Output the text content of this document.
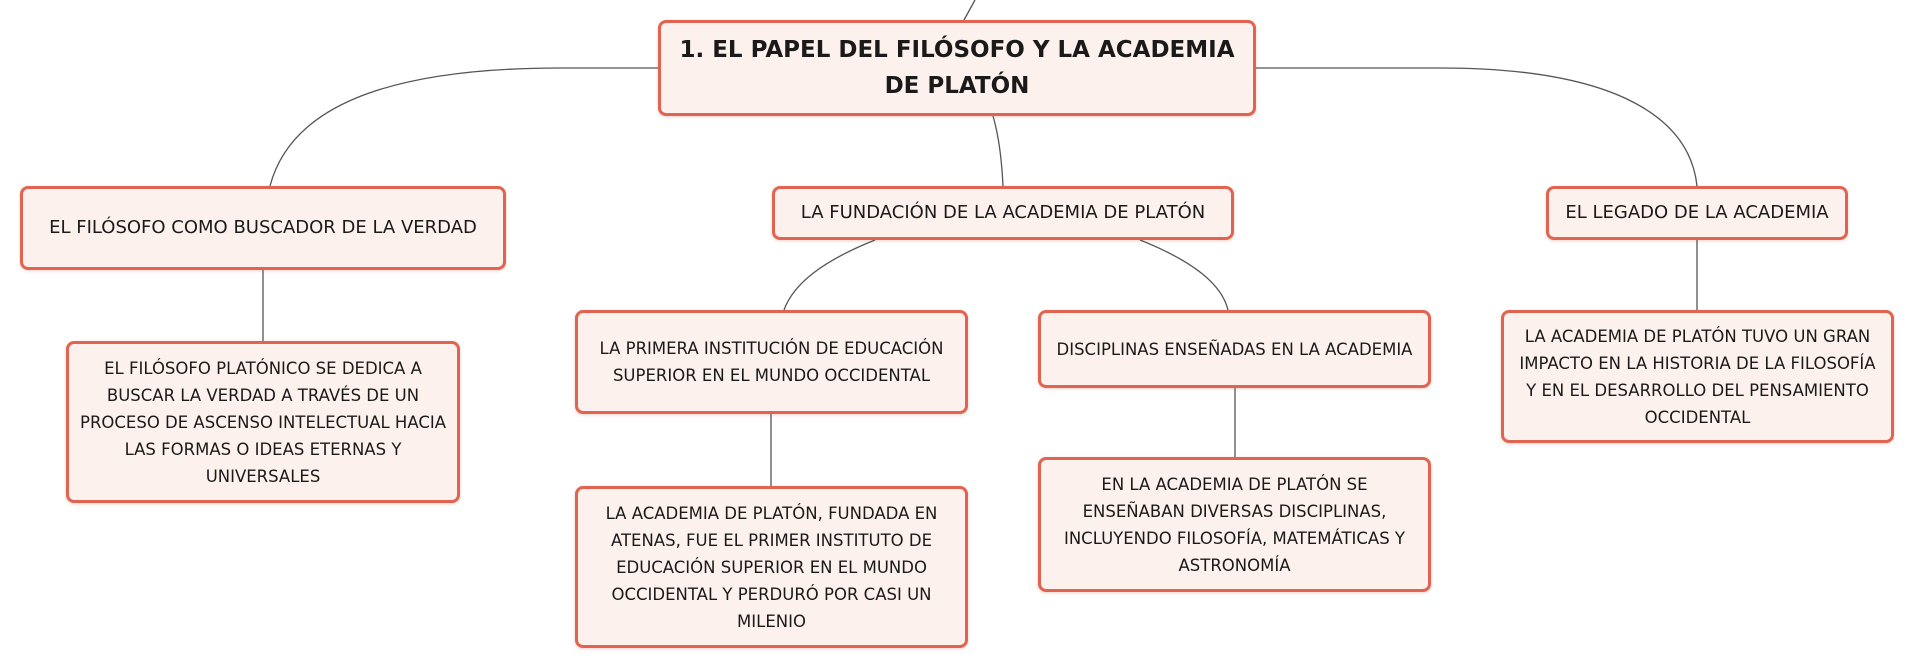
1. EL PAPEL DEL FILÓSOFO Y LA ACADEMIA DE PLATÓN
EL FILÓSOFO COMO BUSCADOR DE LA VERDAD
EL FILÓSOFO PLATÓNICO SE DEDICA A BUSCAR LA VERDAD A TRAVÉS DE UN PROCESO DE ASCENSO INTELECTUAL HACIA LAS FORMAS O IDEAS ETERNAS Y UNIVERSALES
LA FUNDACIÓN DE LA ACADEMIA DE PLATÓN
LA PRIMERA INSTITUCIÓN DE EDUCACIÓN SUPERIOR EN EL MUNDO OCCIDENTAL
LA ACADEMIA DE PLATÓN, FUNDADA EN ATENAS, FUE EL PRIMER INSTITUTO DE EDUCACIÓN SUPERIOR EN EL MUNDO OCCIDENTAL Y PERDURÓ POR CASI UN MILENIO
DISCIPLINAS ENSEÑADAS EN LA ACADEMIA
EN LA ACADEMIA DE PLATÓN SE ENSEÑABAN DIVERSAS DISCIPLINAS, INCLUYENDO FILOSOFÍA, MATEMÁTICAS Y ASTRONOMÍA
EL LEGADO DE LA ACADEMIA
LA ACADEMIA DE PLATÓN TUVO UN GRAN IMPACTO EN LA HISTORIA DE LA FILOSOFÍA Y EN EL DESARROLLO DEL PENSAMIENTO OCCIDENTAL
